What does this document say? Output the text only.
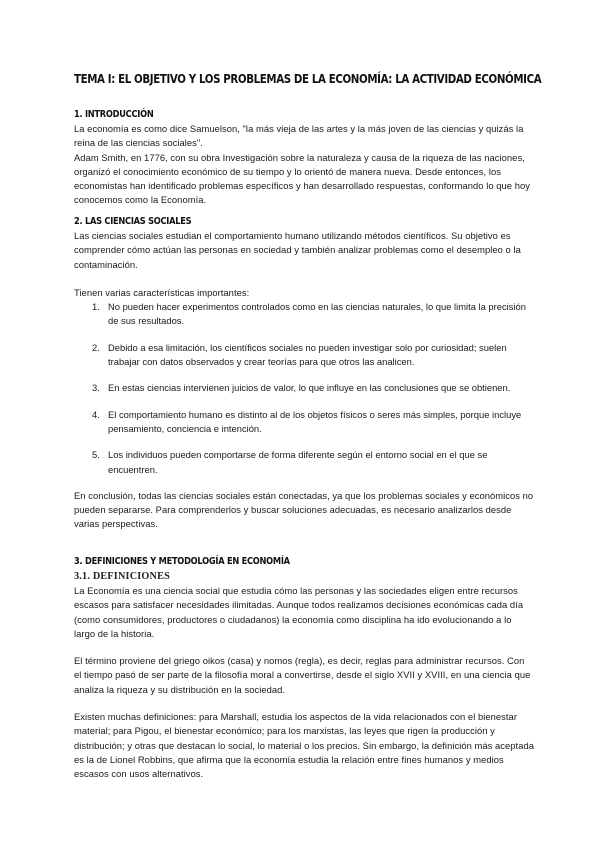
TEMA I: EL OBJETIVO Y LOS PROBLEMAS DE LA ECONOMÍA: LA ACTIVIDAD ECONÓMICA
1. INTRODUCCIÓN

La economía es como dice Samuelson, "la más vieja de las artes y la más joven de las ciencias y quizás la reina de las ciencias sociales".

Adam Smith, en 1776, con su obra Investigación sobre la naturaleza y causa de la riqueza de las naciones, organizó el conocimiento económico de su tiempo y lo orientó de manera nueva. Desde entonces, los economistas han identificado problemas específicos y han desarrollado respuestas, conformando lo que hoy conocemos como la Economía.

2. LAS CIENCIAS SOCIALES

Las ciencias sociales estudian el comportamiento humano utilizando métodos científicos. Su objetivo es comprender cómo actúan las personas en sociedad y también analizar problemas como el desempleo o la contaminación.

Tienen varias características importantes:

1. No pueden hacer experimentos controlados como en las ciencias naturales, lo que limita la precisión de sus resultados.
2. Debido a esa limitación, los científicos sociales no pueden investigar solo por curiosidad; suelen trabajar con datos observados y crear teorías para que otros las analicen.
3. En estas ciencias intervienen juicios de valor, lo que influye en las conclusiones que se obtienen.
4. El comportamiento humano es distinto al de los objetos físicos o seres más simples, porque incluye pensamiento, conciencia e intención.
5. Los individuos pueden comportarse de forma diferente según el entorno social en el que se encuentren.

En conclusión, todas las ciencias sociales están conectadas, ya que los problemas sociales y económicos no pueden separarse. Para comprenderlos y buscar soluciones adecuadas, es necesario analizarlos desde varias perspectivas.

3. DEFINICIONES Y METODOLOGÍA EN ECONOMÍA
3.1. DEFINICIONES

La Economía es una ciencia social que estudia cómo las personas y las sociedades eligen entre recursos escasos para satisfacer necesidades ilimitadas. Aunque todos realizamos decisiones económicas cada día (como consumidores, productores o ciudadanos) la economía como disciplina ha ido evolucionando a lo largo de la historia.

El término proviene del griego oikos (casa) y nomos (regla), es decir, reglas para administrar recursos. Con el tiempo pasó de ser parte de la filosofía moral a convertirse, desde el siglo XVII y XVIII, en una ciencia que analiza la riqueza y su distribución en la sociedad.

Existen muchas definiciones: para Marshall, estudia los aspectos de la vida relacionados con el bienestar material; para Pigou, el bienestar económico; para los marxistas, las leyes que rigen la producción y distribución; y otras que destacan lo social, lo material o los precios. Sin embargo, la definición más aceptada es la de Lionel Robbins, que afirma que la economía estudia la relación entre fines humanos y medios escasos con usos alternativos.
